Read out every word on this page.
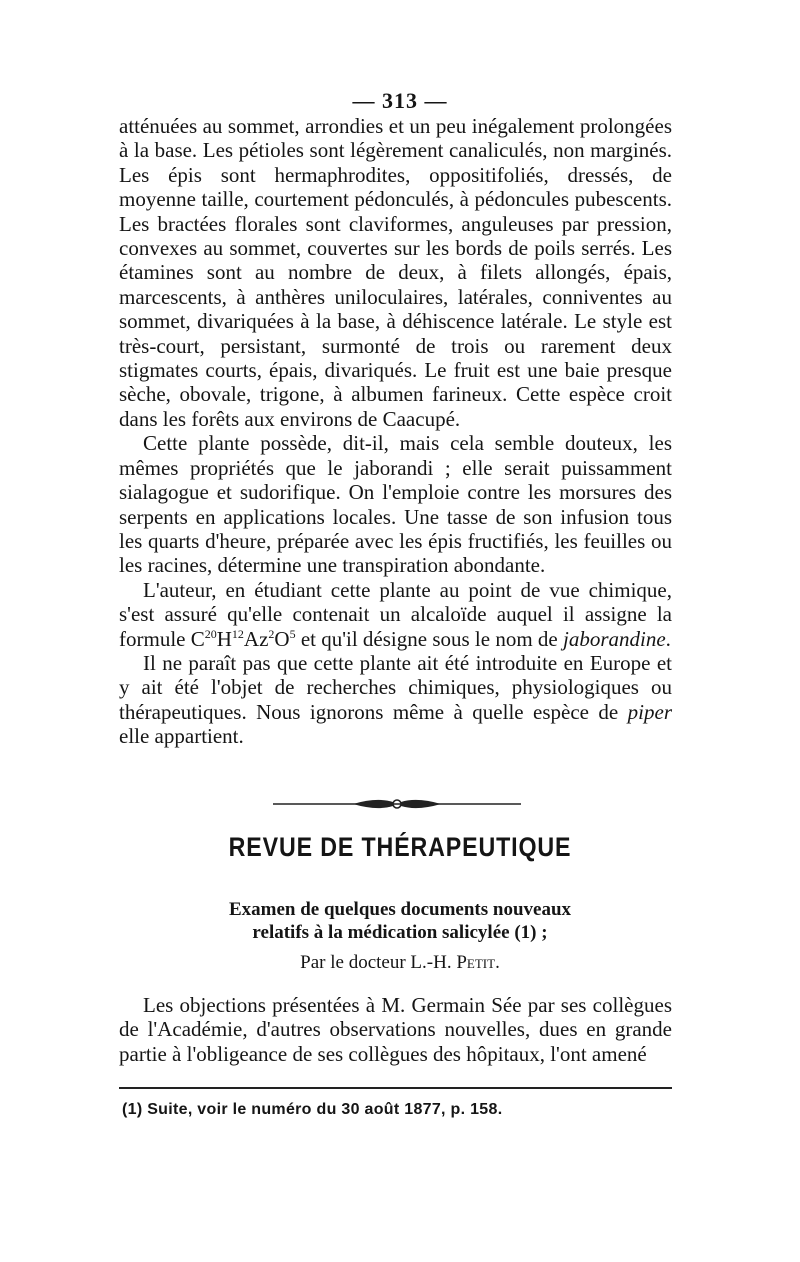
— 313 —

atténuées au sommet, arrondies et un peu inégalement prolongées à la base. Les pétioles sont légèrement canaliculés, non marginés. Les épis sont hermaphrodites, oppositifoliés, dressés, de moyenne taille, courtement pédonculés, à pédoncules pubescents. Les bractées florales sont claviformes, anguleuses par pression, convexes au sommet, couvertes sur les bords de poils serrés. Les étamines sont au nombre de deux, à filets allongés, épais, marcescents, à anthères uniloculaires, latérales, conniventes au sommet, divariquées à la base, à déhiscence latérale. Le style est très-court, persistant, surmonté de trois ou rarement deux stigmates courts, épais, divariqués. Le fruit est une baie presque sèche, obovale, trigone, à albumen farineux. Cette espèce croit dans les forêts aux environs de Caacupé.

Cette plante possède, dit-il, mais cela semble douteux, les mêmes propriétés que le jaborandi ; elle serait puissamment sialagogue et sudorifique. On l'emploie contre les morsures des serpents en applications locales. Une tasse de son infusion tous les quarts d'heure, préparée avec les épis fructifiés, les feuilles ou les racines, détermine une transpiration abondante.

L'auteur, en étudiant cette plante au point de vue chimique, s'est assuré qu'elle contenait un alcaloïde auquel il assigne la formule $C^{20}H^{12}Az^2O^5$ et qu'il désigne sous le nom de jaborandine.

Il ne paraît pas que cette plante ait été introduite en Europe et y ait été l'objet de recherches chimiques, physiologiques ou thérapeutiques. Nous ignorons même à quelle espèce de piper elle appartient.

REVUE DE THÉRAPEUTIQUE
Examen de quelques documents nouveaux
relatifs à la médication salicylée (1) ;
Par le docteur L.-H. Petit.
Les objections présentées à M. Germain Sée par ses collègues de l'Académie, d'autres observations nouvelles, dues en grande partie à l'obligeance de ses collègues des hôpitaux, l'ont amené
(1) Suite, voir le numéro du 30 août 1877, p. 158.
